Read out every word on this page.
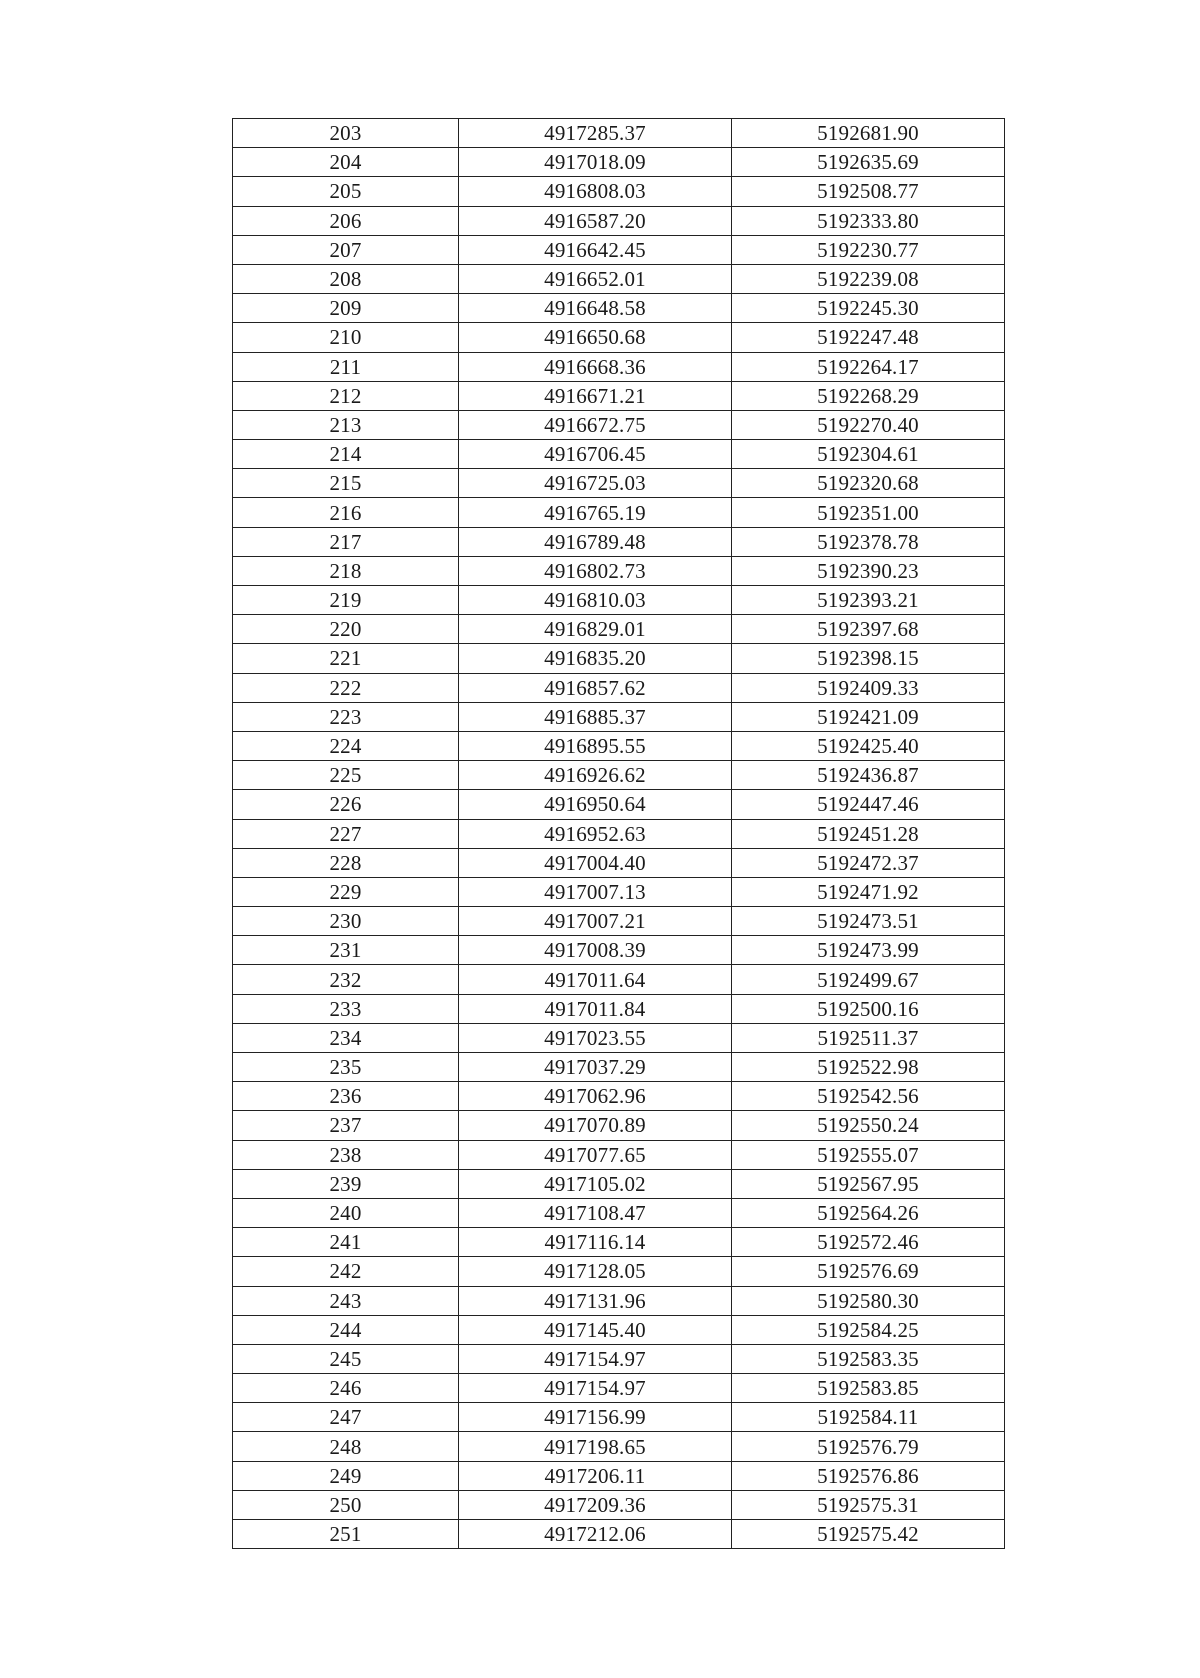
203	4917285.37	5192681.90
204	4917018.09	5192635.69
205	4916808.03	5192508.77
206	4916587.20	5192333.80
207	4916642.45	5192230.77
208	4916652.01	5192239.08
209	4916648.58	5192245.30
210	4916650.68	5192247.48
211	4916668.36	5192264.17
212	4916671.21	5192268.29
213	4916672.75	5192270.40
214	4916706.45	5192304.61
215	4916725.03	5192320.68
216	4916765.19	5192351.00
217	4916789.48	5192378.78
218	4916802.73	5192390.23
219	4916810.03	5192393.21
220	4916829.01	5192397.68
221	4916835.20	5192398.15
222	4916857.62	5192409.33
223	4916885.37	5192421.09
224	4916895.55	5192425.40
225	4916926.62	5192436.87
226	4916950.64	5192447.46
227	4916952.63	5192451.28
228	4917004.40	5192472.37
229	4917007.13	5192471.92
230	4917007.21	5192473.51
231	4917008.39	5192473.99
232	4917011.64	5192499.67
233	4917011.84	5192500.16
234	4917023.55	5192511.37
235	4917037.29	5192522.98
236	4917062.96	5192542.56
237	4917070.89	5192550.24
238	4917077.65	5192555.07
239	4917105.02	5192567.95
240	4917108.47	5192564.26
241	4917116.14	5192572.46
242	4917128.05	5192576.69
243	4917131.96	5192580.30
244	4917145.40	5192584.25
245	4917154.97	5192583.35
246	4917154.97	5192583.85
247	4917156.99	5192584.11
248	4917198.65	5192576.79
249	4917206.11	5192576.86
250	4917209.36	5192575.31
251	4917212.06	5192575.42
